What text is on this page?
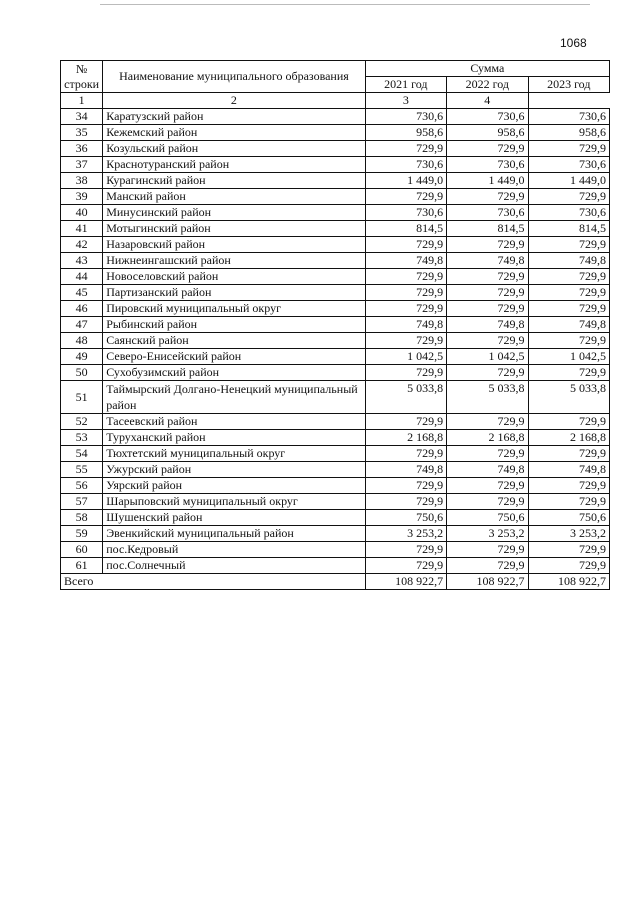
1068
№ строки	Наименование муниципального образования	Сумма		
		2021 год	2022 год	2023 год
1	2	3	4	
34	Каратузский район	730,6	730,6	730,6
35	Кежемский район	958,6	958,6	958,6
36	Козульский район	729,9	729,9	729,9
37	Краснотуранский район	730,6	730,6	730,6
38	Курагинский район	1 449,0	1 449,0	1 449,0
39	Манский район	729,9	729,9	729,9
40	Минусинский район	730,6	730,6	730,6
41	Мотыгинский район	814,5	814,5	814,5
42	Назаровский район	729,9	729,9	729,9
43	Нижнеингашский район	749,8	749,8	749,8
44	Новоселовский район	729,9	729,9	729,9
45	Партизанский район	729,9	729,9	729,9
46	Пировский муниципальный округ	729,9	729,9	729,9
47	Рыбинский район	749,8	749,8	749,8
48	Саянский район	729,9	729,9	729,9
49	Северо-Енисейский район	1 042,5	1 042,5	1 042,5
50	Сухобузимский район	729,9	729,9	729,9
51	Таймырский Долгано-Ненецкий муниципальный район	5 033,8	5 033,8	5 033,8
52	Тасеевский район	729,9	729,9	729,9
53	Туруханский район	2 168,8	2 168,8	2 168,8
54	Тюхтетский муниципальный округ	729,9	729,9	729,9
55	Ужурский район	749,8	749,8	749,8
56	Уярский район	729,9	729,9	729,9
57	Шарыповский муниципальный округ	729,9	729,9	729,9
58	Шушенский район	750,6	750,6	750,6
59	Эвенкийский муниципальный район	3 253,2	3 253,2	3 253,2
60	пос.Кедровый	729,9	729,9	729,9
61	пос.Солнечный	729,9	729,9	729,9
Всего		108 922,7	108 922,7	108 922,7
